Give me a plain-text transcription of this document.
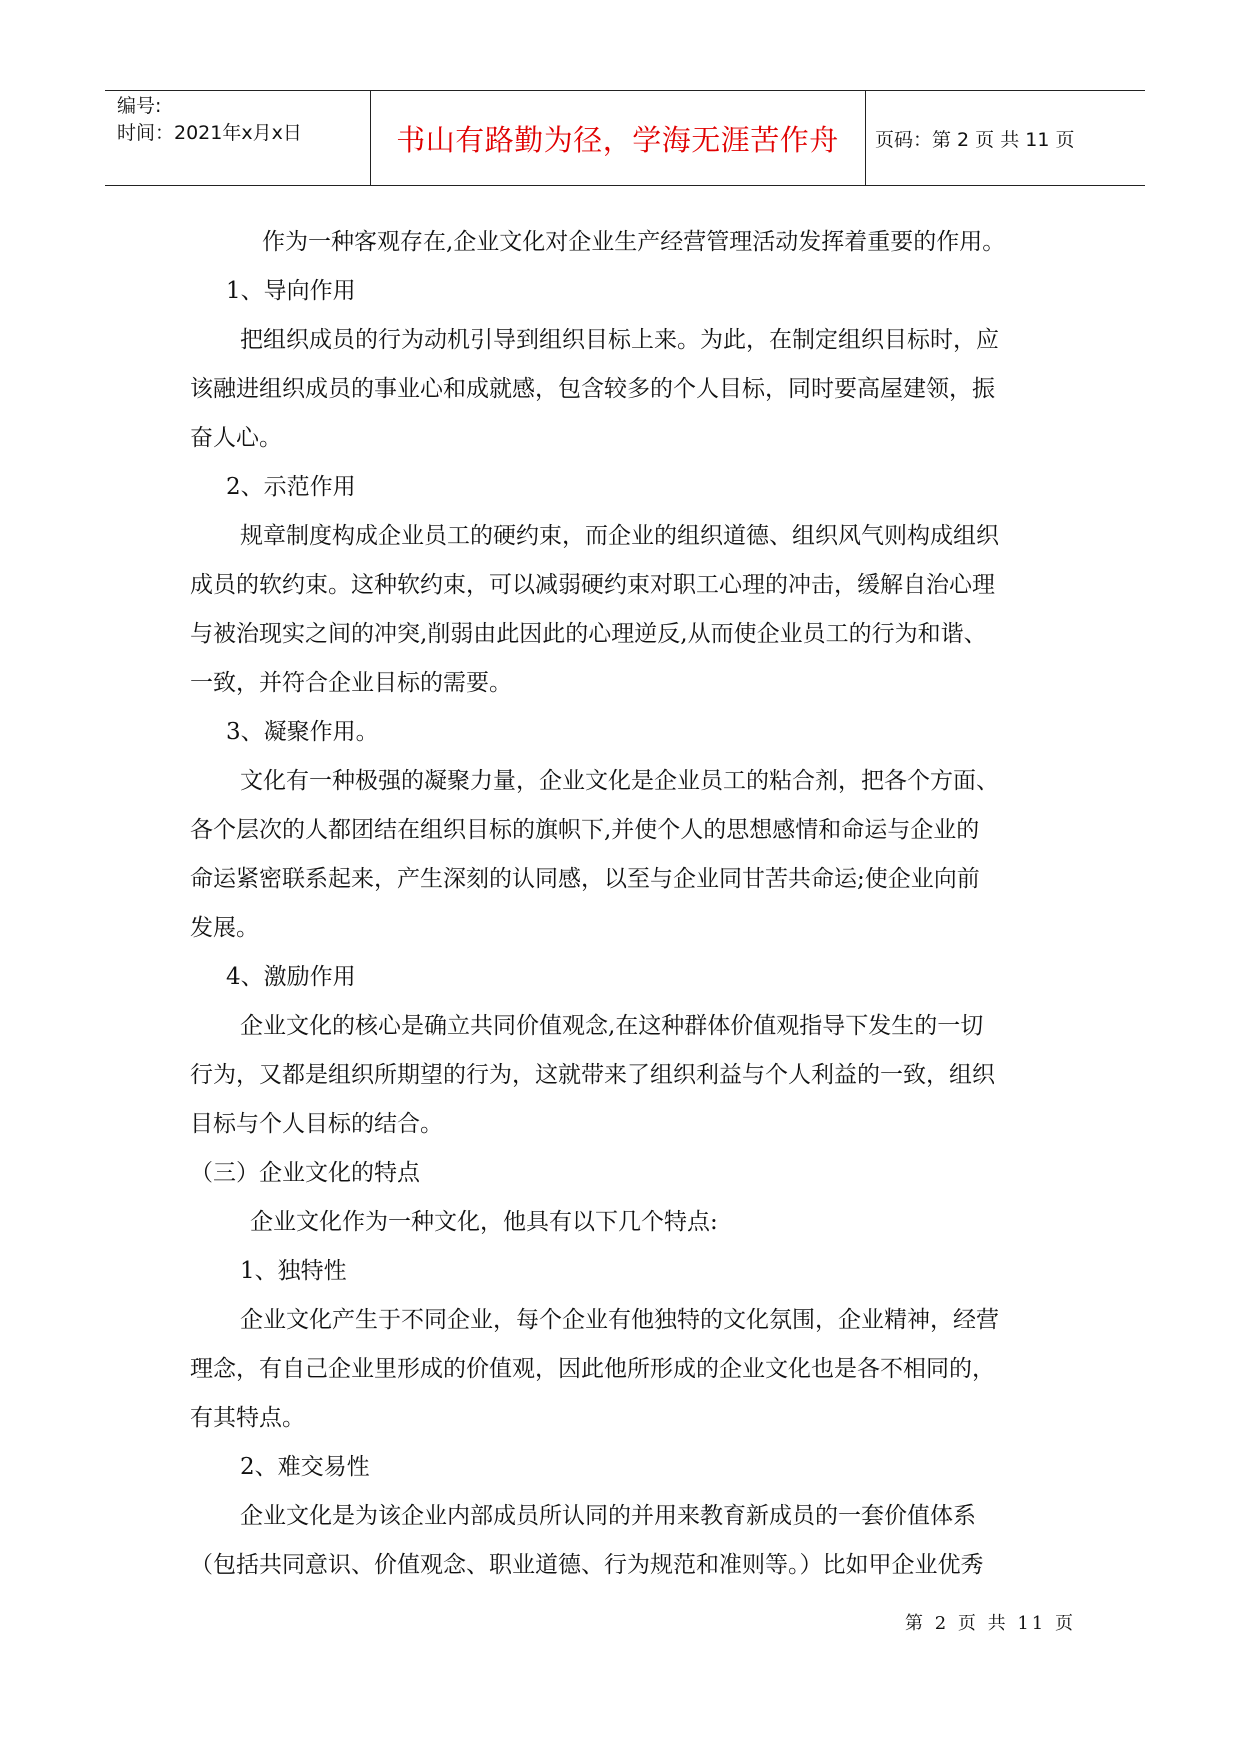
编号:
时间：2021年x月x日	书山有路勤为径，学海无涯苦作舟	页码：第 2 页 共 11 页
作为一种客观存在,企业文化对企业生产经营管理活动发挥着重要的作用。
1、导向作用
把组织成员的行为动机引导到组织目标上来。为此，在制定组织目标时，应
该融进组织成员的事业心和成就感，包含较多的个人目标，同时要高屋建领，振
奋人心。
2、示范作用
规章制度构成企业员工的硬约束，而企业的组织道德、组织风气则构成组织
成员的软约束。这种软约束，可以减弱硬约束对职工心理的冲击，缓解自治心理
与被治现实之间的冲突,削弱由此因此的心理逆反,从而使企业员工的行为和谐、
一致，并符合企业目标的需要。
3、凝聚作用。
文化有一种极强的凝聚力量，企业文化是企业员工的粘合剂，把各个方面、
各个层次的人都团结在组织目标的旗帜下,并使个人的思想感情和命运与企业的
命运紧密联系起来，产生深刻的认同感，以至与企业同甘苦共命运;使企业向前
发展。
4、激励作用
企业文化的核心是确立共同价值观念,在这种群体价值观指导下发生的一切
行为，又都是组织所期望的行为，这就带来了组织利益与个人利益的一致，组织
目标与个人目标的结合。
（三）企业文化的特点
企业文化作为一种文化，他具有以下几个特点:
1、独特性
企业文化产生于不同企业，每个企业有他独特的文化氛围，企业精神，经营
理念，有自己企业里形成的价值观，因此他所形成的企业文化也是各不相同的，
有其特点。
2、难交易性
企业文化是为该企业内部成员所认同的并用来教育新成员的一套价值体系
（包括共同意识、价值观念、职业道德、行为规范和准则等。）比如甲企业优秀
第 2 页 共 11 页
